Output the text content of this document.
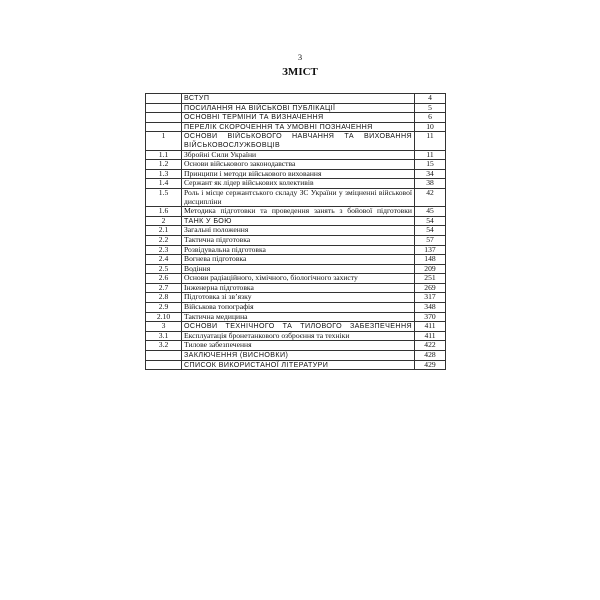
3
ЗМІСТ
	ВСТУП	4
	ПОСИЛАННЯ НА ВІЙСЬКОВІ ПУБЛІКАЦІЇ	5
	ОСНОВНІ ТЕРМІНИ ТА ВИЗНАЧЕННЯ	6
	ПЕРЕЛІК СКОРОЧЕННЯ ТА УМОВНІ ПОЗНАЧЕННЯ	10
1	ОСНОВИ ВІЙСЬКОВОГО НАВЧАННЯ ТА ВИХОВАННЯ ВІЙСЬКОВОСЛУЖБОВЦІВ	11
1.1	Збройні Сили України	11
1.2	Основи військового законодавства	15
1.3	Принципи і методи військового виховання	34
1.4	Сержант як лідер військових колективів	38
1.5	Роль і місце сержантського складу ЗС України у зміцненні військової дисципліни	42
1.6	Методика підготовки та проведення занять з бойової підготовки	45
2	ТАНК У БОЮ	54
2.1	Загальні положення	54
2.2	Тактична підготовка	57
2.3	Розвідувальна підготовка	137
2.4	Вогнева підготовка	148
2.5	Водіння	209
2.6	Основи радіаційного, хімічного, біологічного захисту	251
2.7	Інженерна підготовка	269
2.8	Підготовка зі зв’язку	317
2.9	Військова топографія	348
2.10	Тактична медицина	370
3	ОСНОВИ ТЕХНІЧНОГО ТА ТИЛОВОГО ЗАБЕЗПЕЧЕННЯ	411
3.1	Експлуатація бронетанкового озброєння та техніки	411
3.2	Тилове забезпечення	422
	ЗАКЛЮЧЕННЯ (ВИСНОВКИ)	428
	СПИСОК ВИКОРИСТАНОЇ ЛІТЕРАТУРИ	429
